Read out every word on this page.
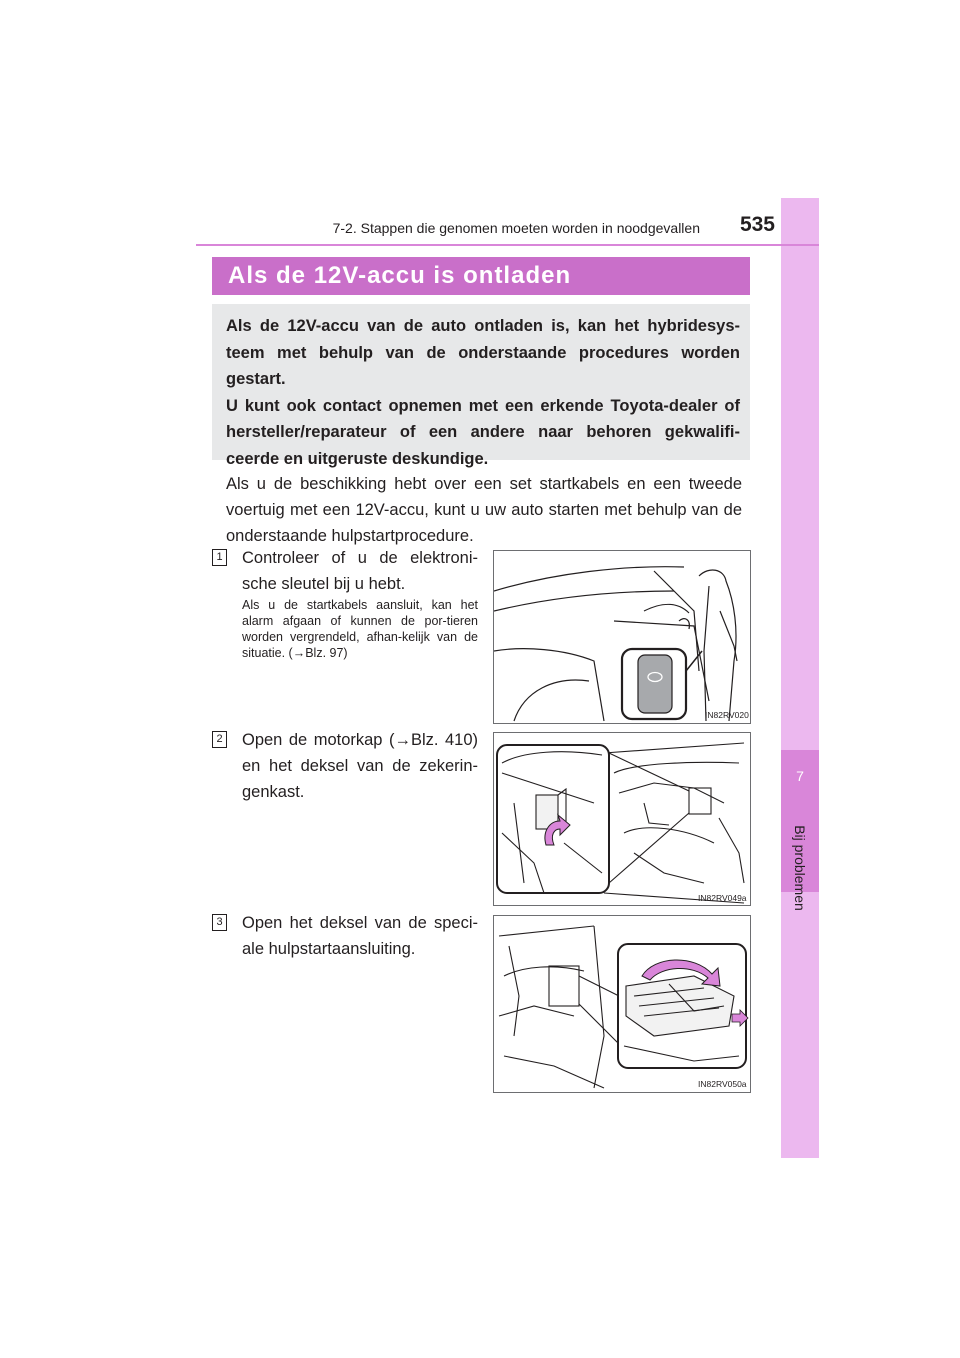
7
Bij problemen
7-2. Stappen die genomen moeten worden in noodgevallen	535
Als de 12V-accu is ontladen

Als de 12V-accu van de auto ontladen is, kan het hybridesys-teem met behulp van de onderstaande procedures worden gestart.

U kunt ook contact opnemen met een erkende Toyota-dealer of hersteller/reparateur of een andere naar behoren gekwalifi-ceerde en uitgeruste deskundige.

Als u de beschikking hebt over een set startkabels en een tweede voertuig met een 12V-accu, kunt u uw auto starten met behulp van de onderstaande hulpstartprocedure.
1 Controleer of u de elektroni-sche sleutel bij u hebt.

Als u de startkabels aansluit, kan het alarm afgaan of kunnen de por-tieren worden vergrendeld, afhan-kelijk van de situatie. (→Blz. 97)

IN82RV020
2 Open de motorkap (→Blz. 410) en het deksel van de zekerin-genkast.

IN82RV049a
3 Open het deksel van de speci-ale hulpstartaansluiting.

IN82RV050a
